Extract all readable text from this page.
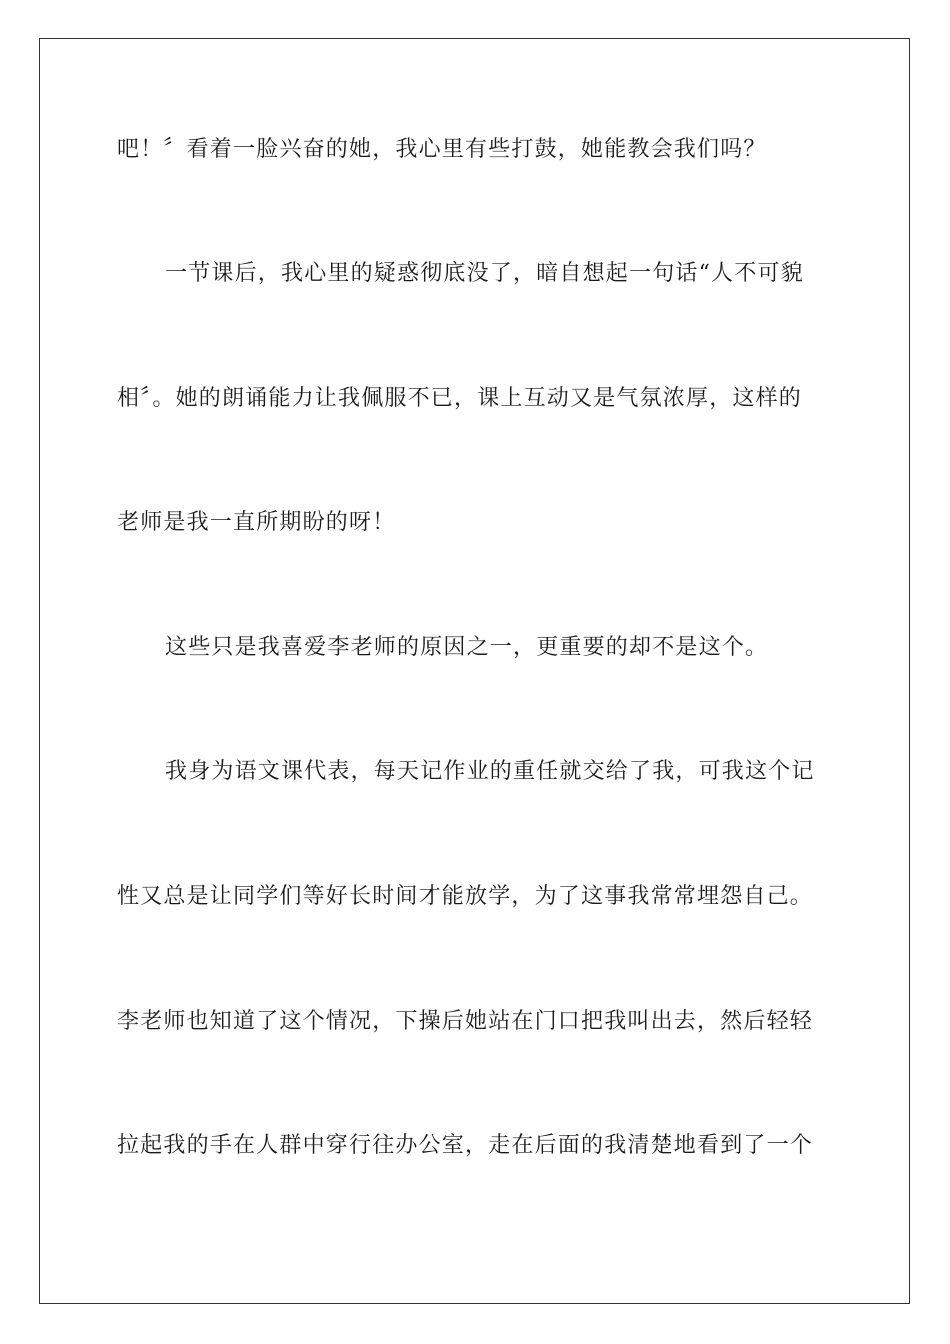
吧！〞看着一脸兴奋的她，我心里有些打鼓，她能教会我们吗？
一节课后，我心里的疑惑彻底没了，暗自想起一句话“人不可貌
相〞。她的朗诵能力让我佩服不已，课上互动又是气氛浓厚，这样的
老师是我一直所期盼的呀！
这些只是我喜爱李老师的原因之一，更重要的却不是这个。
我身为语文课代表，每天记作业的重任就交给了我，可我这个记
性又总是让同学们等好长时间才能放学，为了这事我常常埋怨自己。
李老师也知道了这个情况，下操后她站在门口把我叫出去，然后轻轻
拉起我的手在人群中穿行往办公室，走在后面的我清楚地看到了一个
